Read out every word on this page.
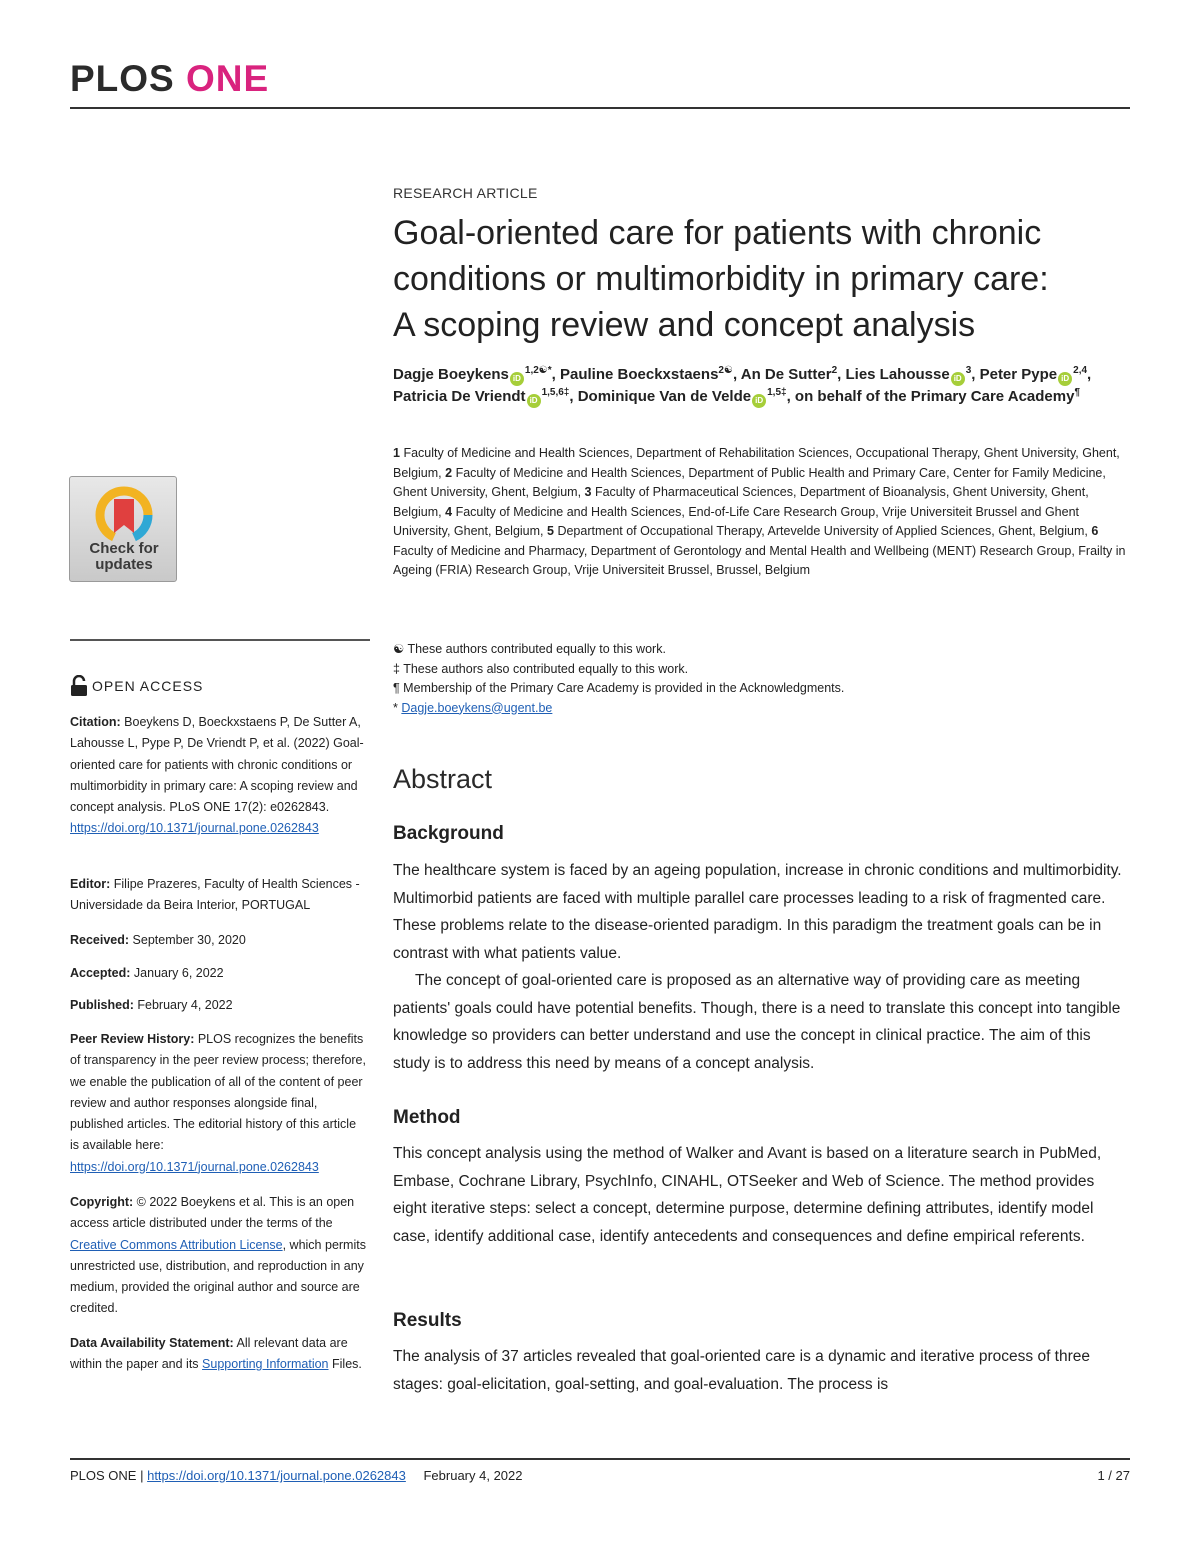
PLOS ONE
Check for
updates
OPEN ACCESS
Citation: Boeykens D, Boeckxstaens P, De Sutter A, Lahousse L, Pype P, De Vriendt P, et al. (2022) Goal-oriented care for patients with chronic conditions or multimorbidity in primary care: A scoping review and concept analysis. PLoS ONE 17(2): e0262843. https://doi.org/10.1371/journal.pone.0262843
Editor: Filipe Prazeres, Faculty of Health Sciences - Universidade da Beira Interior, PORTUGAL
Received: September 30, 2020
Accepted: January 6, 2022
Published: February 4, 2022
Peer Review History: PLOS recognizes the benefits of transparency in the peer review process; therefore, we enable the publication of all of the content of peer review and author responses alongside final, published articles. The editorial history of this article is available here: https://doi.org/10.1371/journal.pone.0262843
Copyright: © 2022 Boeykens et al. This is an open access article distributed under the terms of the Creative Commons Attribution License, which permits unrestricted use, distribution, and reproduction in any medium, provided the original author and source are credited.
Data Availability Statement: All relevant data are within the paper and its Supporting Information Files.
RESEARCH ARTICLE
Goal-oriented care for patients with chronic
conditions or multimorbidity in primary care:
A scoping review and concept analysis
Dagje Boeykens $iD^{1,2☯*}$, Pauline Boeckxstaens$^{2☯}$, An De Sutter$^2$, Lies Lahousse $iD^3$, Peter Pype iD$^{2,4}$, Patricia De Vriendt $iD^{1,5,6\ddagger}$, Dominique Van de Velde $iD^{1,5\ddagger}$, on behalf of the Primary Care Academy¶
1 Faculty of Medicine and Health Sciences, Department of Rehabilitation Sciences, Occupational Therapy, Ghent University, Ghent, Belgium, 2 Faculty of Medicine and Health Sciences, Department of Public Health and Primary Care, Center for Family Medicine, Ghent University, Ghent, Belgium, 3 Faculty of Pharmaceutical Sciences, Department of Bioanalysis, Ghent University, Ghent, Belgium, 4 Faculty of Medicine and Health Sciences, End-of-Life Care Research Group, Vrije Universiteit Brussel and Ghent University, Ghent, Belgium, 5 Department of Occupational Therapy, Artevelde University of Applied Sciences, Ghent, Belgium, 6 Faculty of Medicine and Pharmacy, Department of Gerontology and Mental Health and Wellbeing (MENT) Research Group, Frailty in Ageing (FRIA) Research Group, Vrije Universiteit Brussel, Brussel, Belgium
☯ These authors contributed equally to this work.
‡ These authors also contributed equally to this work.
¶ Membership of the Primary Care Academy is provided in the Acknowledgments.
* Dagje.boeykens@ugent.be
Abstract
Background
The healthcare system is faced by an ageing population, increase in chronic conditions and multimorbidity. Multimorbid patients are faced with multiple parallel care processes leading to a risk of fragmented care. These problems relate to the disease-oriented paradigm. In this paradigm the treatment goals can be in contrast with what patients value.
The concept of goal-oriented care is proposed as an alternative way of providing care as meeting patients' goals could have potential benefits. Though, there is a need to translate this concept into tangible knowledge so providers can better understand and use the concept in clinical practice. The aim of this study is to address this need by means of a concept analysis.
Method
This concept analysis using the method of Walker and Avant is based on a literature search in PubMed, Embase, Cochrane Library, PsychInfo, CINAHL, OTSeeker and Web of Science. The method provides eight iterative steps: select a concept, determine purpose, determine defining attributes, identify model case, identify additional case, identify antecedents and consequences and define empirical referents.
Results
The analysis of 37 articles revealed that goal-oriented care is a dynamic and iterative process of three stages: goal-elicitation, goal-setting, and goal-evaluation. The process is
PLOS ONE | https://doi.org/10.1371/journal.pone.0262843 February 4, 2022	1 / 27
